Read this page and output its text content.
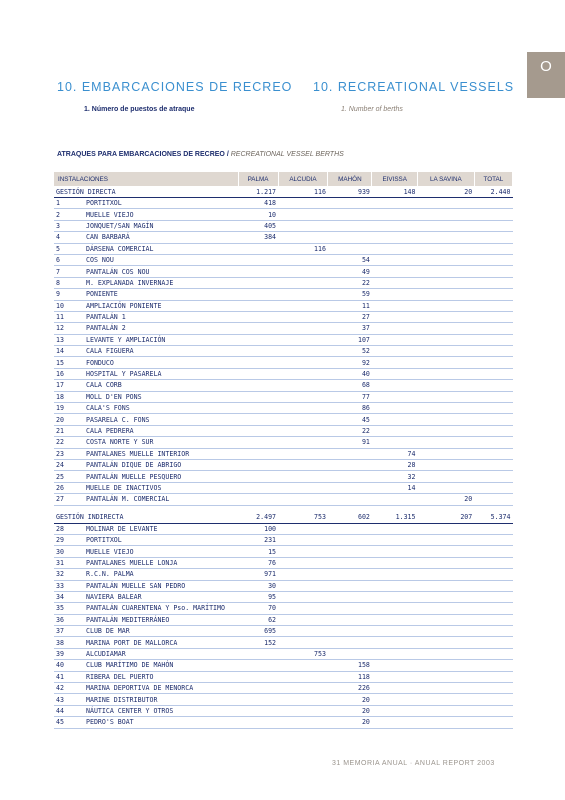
O
10. EMBARCACIONES DE RECREO 10. RECREATIONAL VESSELS
1. Número de puestos de atraque	1. Number of berths
ATRAQUES PARA EMBARCACIONES DE RECREO / RECREATIONAL VESSEL BERTHS
INSTALACIONES		PALMA	ALCUDIA	MAHÓN	EIVISSA	LA SAVINA	TOTAL
GESTIÓN DIRECTA		1.217	116	939	148	20	2.440
1	PORTITXOL	418					
2	MUELLE VIEJO	10					
3	JONQUET/SAN MAGÍN	405					
4	CAN BARBARÁ	384					
5	DÁRSENA COMERCIAL		116				
6	COS NOU			54			
7	PANTALÁN COS NOU			49			
8	M. EXPLANADA INVERNAJE			22			
9	PONIENTE			59			
10	AMPLIACIÓN PONIENTE			11			
11	PANTALÁN 1			27			
12	PANTALÁN 2			37			
13	LEVANTE Y AMPLIACIÓN			107			
14	CALA FIGUERA			52			
15	FONDUCO			92			
16	HOSPITAL Y PASARELA			40			
17	CALA CORB			68			
18	MOLL D'EN PONS			77			
19	CALA'S FONS			86			
20	PASARELA C. FONS			45			
21	CALA PEDRERA			22			
22	COSTA NORTE Y SUR			91			
23	PANTALANES MUELLE INTERIOR				74		
24	PANTALÁN DIQUE DE ABRIGO				28		
25	PANTALÁN MUELLE PESQUERO				32		
26	MUELLE DE INACTIVOS				14		
27	PANTALÁN M. COMERCIAL					20	

GESTIÓN INDIRECTA		2.497	753	602	1.315	207	5.374
28	MOLINAR DE LEVANTE	100					
29	PORTITXOL	231					
30	MUELLE VIEJO	15					
31	PANTALANES MUELLE LONJA	76					
32	R.C.N. PALMA	971					
33	PANTALÁN MUELLE SAN PEDRO	30					
34	NAVIERA BALEAR	95					
35	PANTALÁN CUARENTENA Y Pso. MARÍTIMO	70					
36	PANTALÁN MEDITERRÁNEO	62					
37	CLUB DE MAR	695					
38	MARINA PORT DE MALLORCA	152					
39	ALCUDIAMAR		753				
40	CLUB MARÍTIMO DE MAHÓN			158			
41	RIBERA DEL PUERTO			118			
42	MARINA DEPORTIVA DE MENORCA			226			
43	MARINE DISTRIBUTOR			20			
44	NÁUTICA CENTER Y OTROS			20			
45	PEDRO'S BOAT			20			
31 MEMORIA ANUAL · ANUAL REPORT 2003
